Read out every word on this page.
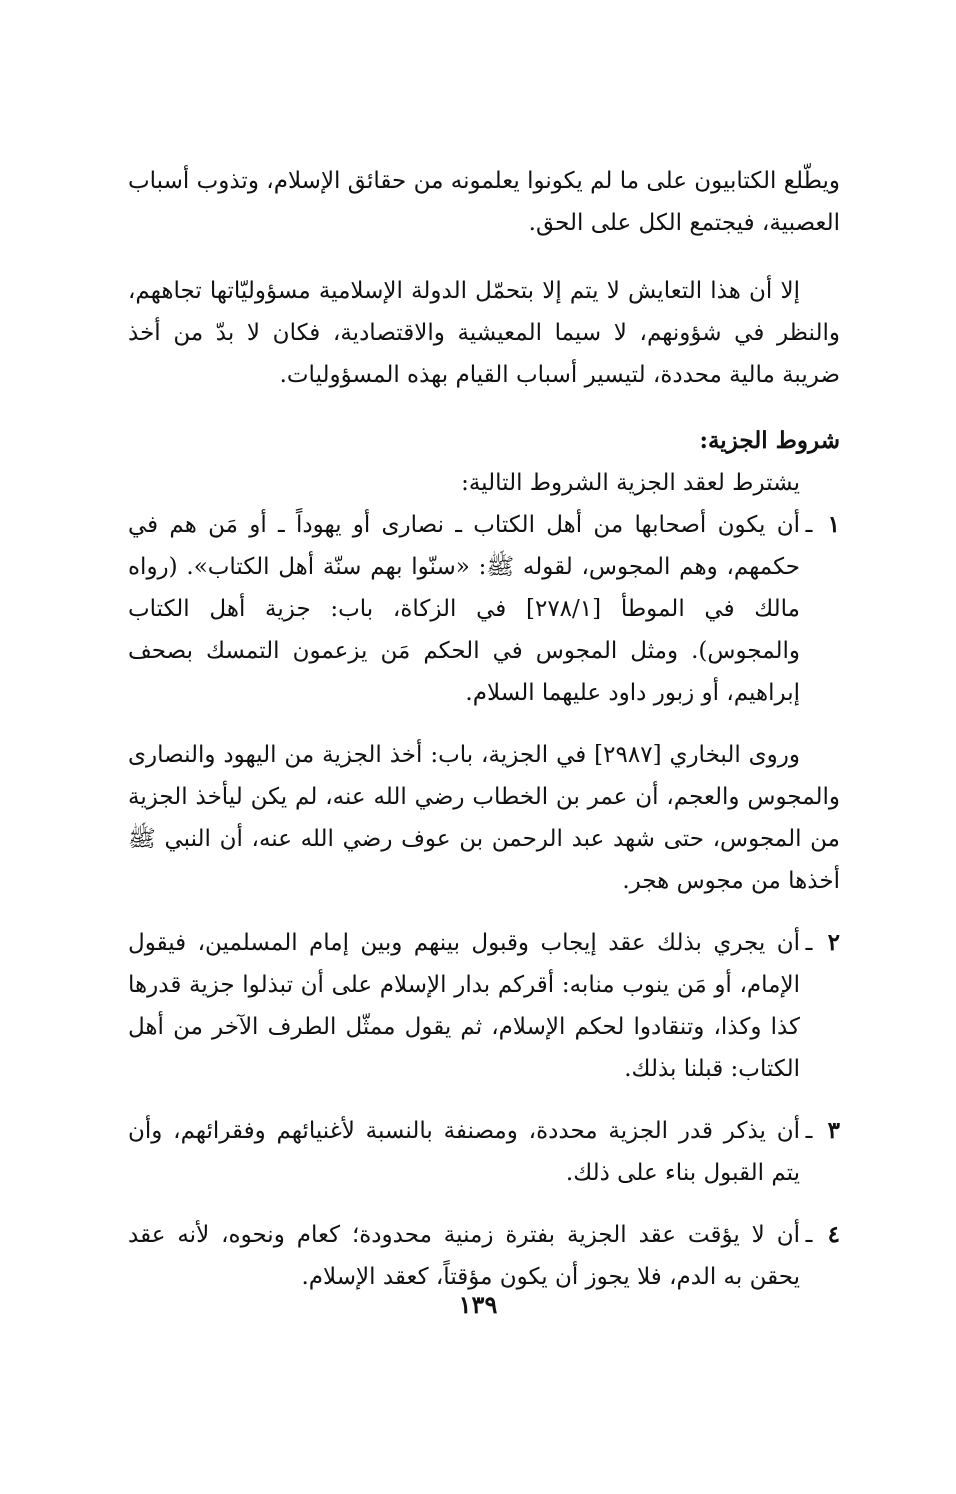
ويطّلع الكتابيون على ما لم يكونوا يعلمونه من حقائق الإسلام، وتذوب أسباب العصبية، فيجتمع الكل على الحق.

إلا أن هذا التعايش لا يتم إلا بتحمّل الدولة الإسلامية مسؤوليّاتها تجاههم، والنظر في شؤونهم، لا سيما المعيشية والاقتصادية، فكان لا بدّ من أخذ ضريبة مالية محددة، لتيسير أسباب القيام بهذه المسؤوليات.

شروط الجزية:

يشترط لعقد الجزية الشروط التالية:

١
ـ
أن يكون أصحابها من أهل الكتاب ـ نصارى أو يهوداً ـ أو مَن هم في حكمهم، وهم المجوس، لقوله ﷺ: «سنّوا بهم سنّة أهل الكتاب». (رواه مالك في الموطأ [٢٧٨/١] في الزكاة، باب: جزية أهل الكتاب والمجوس). ومثل المجوس في الحكم مَن يزعمون التمسك بصحف إبراهيم، أو زبور داود عليهما السلام.

وروى البخاري [٢٩٨٧] في الجزية، باب: أخذ الجزية من اليهود والنصارى والمجوس والعجم، أن عمر بن الخطاب رضي الله عنه، لم يكن ليأخذ الجزية من المجوس، حتى شهد عبد الرحمن بن عوف رضي الله عنه، أن النبي ﷺ أخذها من مجوس هجر.

٢
ـ
أن يجري بذلك عقد إيجاب وقبول بينهم وبين إمام المسلمين، فيقول الإمام، أو مَن ينوب منابه: أقركم بدار الإسلام على أن تبذلوا جزية قدرها كذا وكذا، وتنقادوا لحكم الإسلام، ثم يقول ممثّل الطرف الآخر من أهل الكتاب: قبلنا بذلك.
٣
ـ
أن يذكر قدر الجزية محددة، ومصنفة بالنسبة لأغنيائهم وفقرائهم، وأن يتم القبول بناء على ذلك.
٤
ـ
أن لا يؤقت عقد الجزية بفترة زمنية محدودة؛ كعام ونحوه، لأنه عقد يحقن به الدم، فلا يجوز أن يكون مؤقتاً، كعقد الإسلام.
١٣٩
